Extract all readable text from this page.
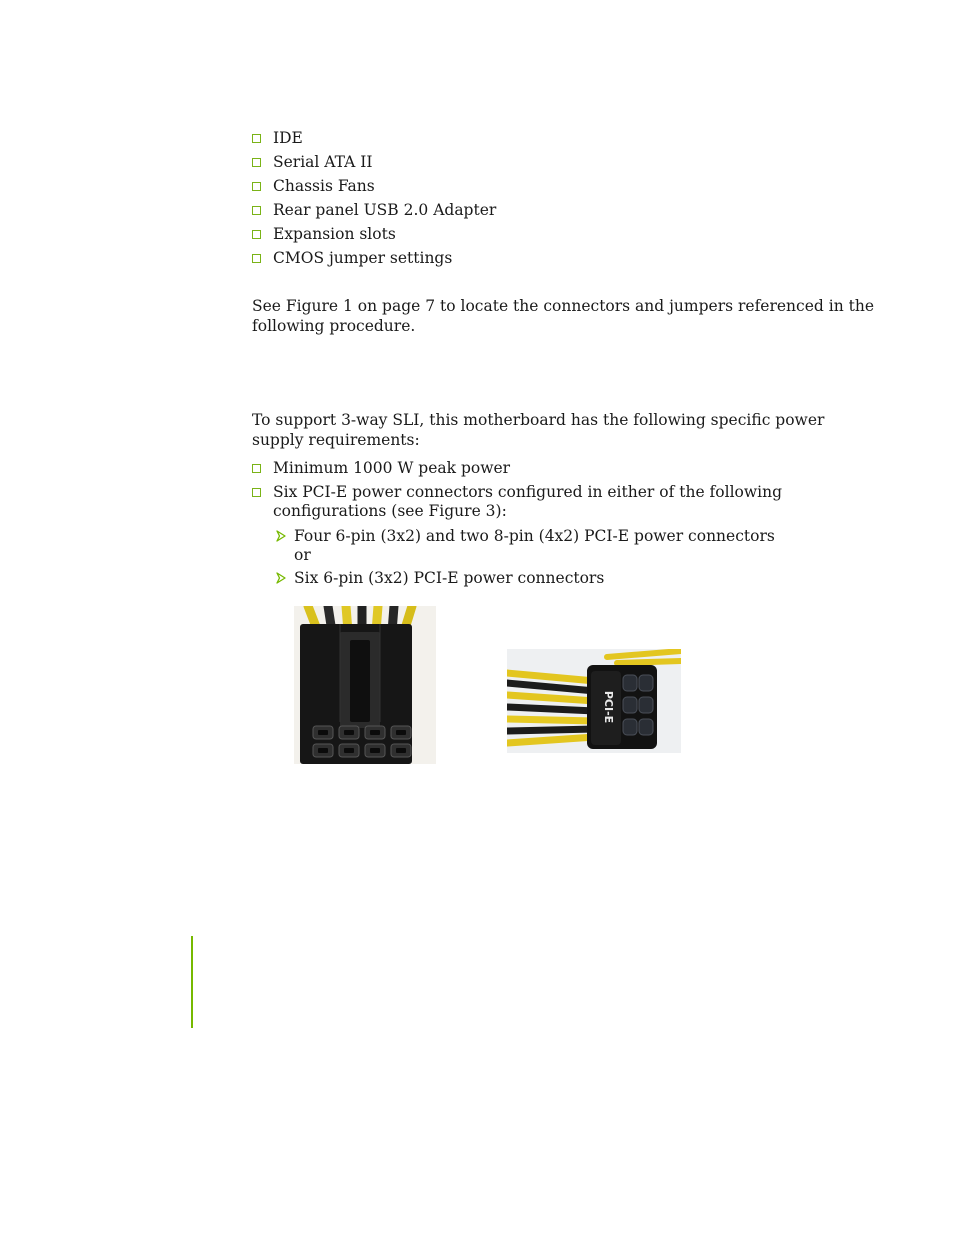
IDE
Serial ATA II
Chassis Fans
Rear panel USB 2.0 Adapter
Expansion slots
CMOS jumper settings
See Figure 1 on page 7 to locate the connectors and jumpers referenced in the
following procedure.
To support 3-way SLI, this motherboard has the following specific power
supply requirements:
Minimum 1000 W peak power
Six PCI-E power connectors configured in either of the following
configurations (see Figure 3):
Four 6-pin (3x2) and two 8-pin (4x2) PCI-E power connectors
or
Six 6-pin (3x2) PCI-E power connectors
PCI-E
